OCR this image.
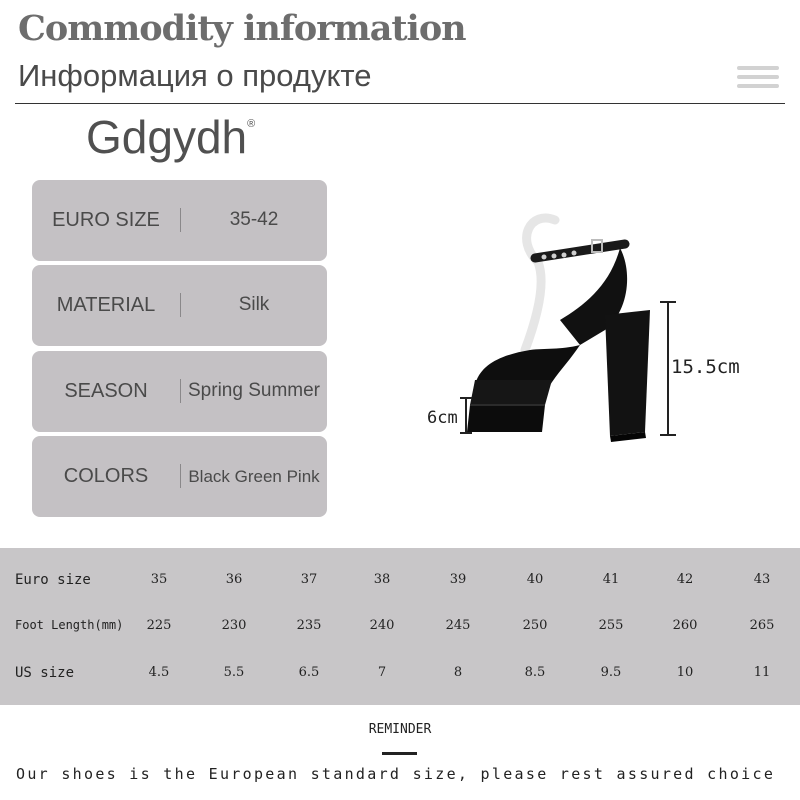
Commodity information
Информация о продукте
Gdgydh®
EURO SIZE	35-42
MATERIAL	Silk
SEASON	Spring Summer
COLORS	Black Green Pink
15.5cm
6cm
Euro size	35	36	37	38	39	40	41	42	43
Foot Length(mm)	225	230	235	240	245	250	255	260	265
US size	4.5	5.5	6.5	7	8	8.5	9.5	10	11
REMINDER
Our shoes is the European standard size, please rest assured choice
